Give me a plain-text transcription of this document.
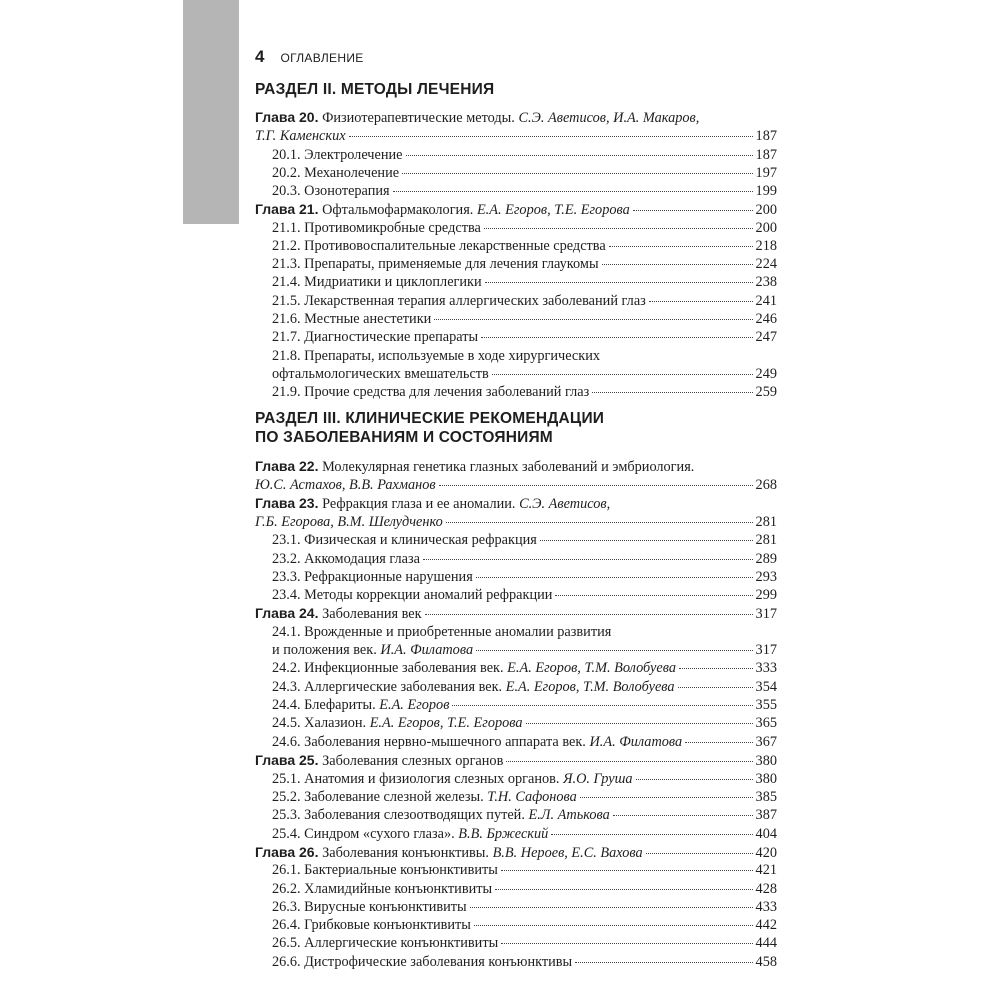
4 ОГЛАВЛЕНИЕ
РАЗДЕЛ II. МЕТОДЫ ЛЕЧЕНИЯ
Глава 20. Физиотерапевтические методы. С.Э. Аветисов, И.А. Макаров,
Т.Г. Каменских	187
20.1. Электролечение	187
20.2. Механолечение	197
20.3. Озонотерапия	199
Глава 21. Офтальмофармакология. Е.А. Егоров, Т.Е. Егорова	200
21.1. Противомикробные средства	200
21.2. Противовоспалительные лекарственные средства	218
21.3. Препараты, применяемые для лечения глаукомы	224
21.4. Мидриатики и циклоплегики	238
21.5. Лекарственная терапия аллергических заболеваний глаз	241
21.6. Местные анестетики	246
21.7. Диагностические препараты	247
21.8. Препараты, используемые в ходе хирургических
офтальмологических вмешательств	249
21.9. Прочие средства для лечения заболеваний глаз	259
РАЗДЕЛ III. КЛИНИЧЕСКИЕ РЕКОМЕНДАЦИИ
ПО ЗАБОЛЕВАНИЯМ И СОСТОЯНИЯМ
Глава 22. Молекулярная генетика глазных заболеваний и эмбриология.
Ю.С. Астахов, В.В. Рахманов	268
Глава 23. Рефракция глаза и ее аномалии. С.Э. Аветисов,
Г.Б. Егорова, В.М. Шелудченко	281
23.1. Физическая и клиническая рефракция	281
23.2. Аккомодация глаза	289
23.3. Рефракционные нарушения	293
23.4. Методы коррекции аномалий рефракции	299
Глава 24. Заболевания век	317
24.1. Врожденные и приобретенные аномалии развития
и положения век. И.А. Филатова	317
24.2. Инфекционные заболевания век. Е.А. Егоров, Т.М. Волобуева	333
24.3. Аллергические заболевания век. Е.А. Егоров, Т.М. Волобуева	354
24.4. Блефариты. Е.А. Егоров	355
24.5. Халазион. Е.А. Егоров, Т.Е. Егорова	365
24.6. Заболевания нервно-мышечного аппарата век. И.А. Филатова	367
Глава 25. Заболевания слезных органов	380
25.1. Анатомия и физиология слезных органов. Я.О. Груша	380
25.2. Заболевание слезной железы. Т.Н. Сафонова	385
25.3. Заболевания слезоотводящих путей. Е.Л. Атькова	387
25.4. Синдром «сухого глаза». В.В. Бржеский	404
Глава 26. Заболевания конъюнктивы. В.В. Нероев, Е.С. Вахова	420
26.1. Бактериальные конъюнктивиты	421
26.2. Хламидийные конъюнктивиты	428
26.3. Вирусные конъюнктивиты	433
26.4. Грибковые конъюнктивиты	442
26.5. Аллергические конъюнктивиты	444
26.6. Дистрофические заболевания конъюнктивы	458
